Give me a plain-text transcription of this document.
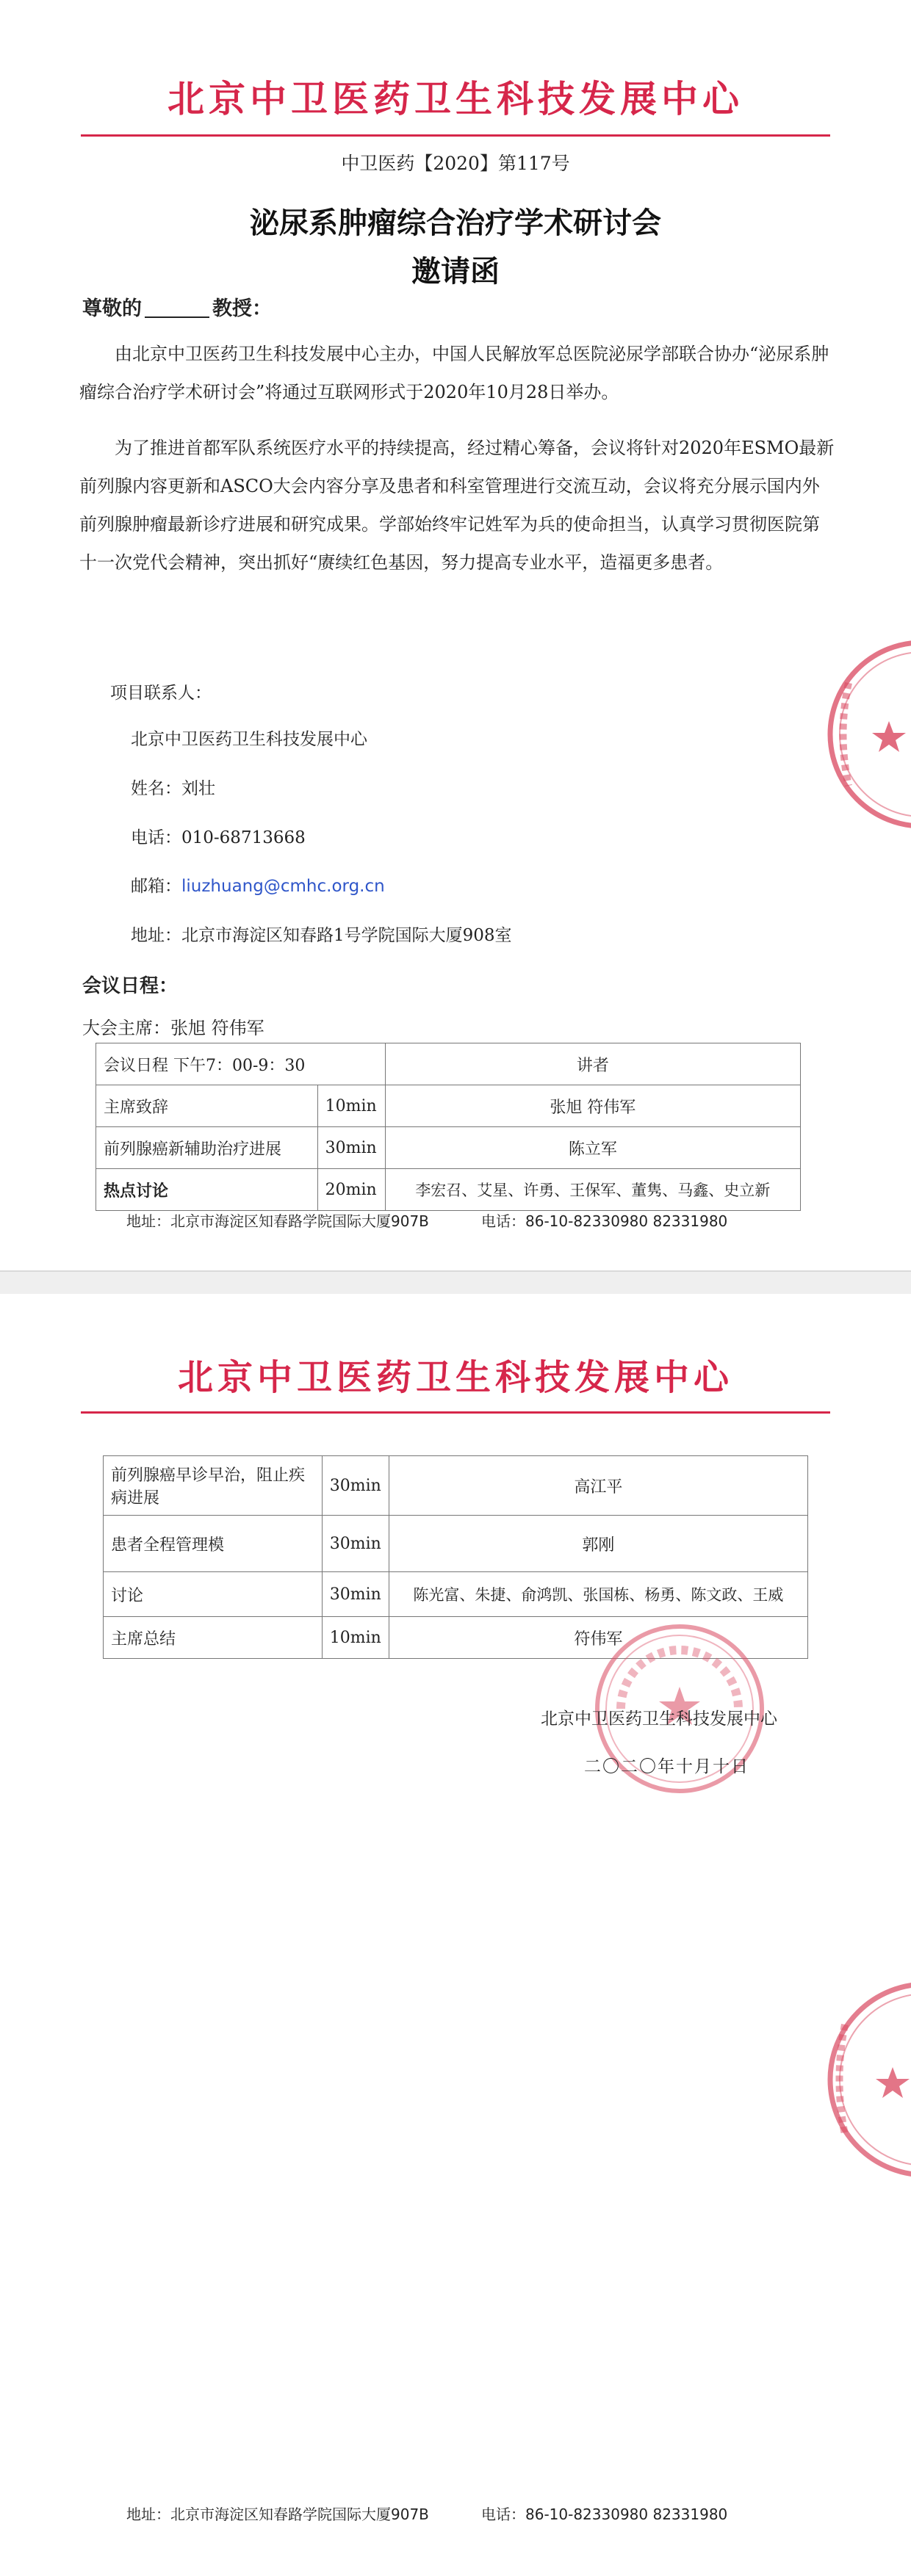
北京中卫医药卫生科技发展中心
中卫医药【2020】第117号
泌尿系肿瘤综合治疗学术研讨会
邀请函
尊敬的	教授：
由北京中卫医药卫生科技发展中心主办，中国人民解放军总医院泌尿学部联合协办“泌尿系肿瘤综合治疗学术研讨会”将通过互联网形式于2020年10月28日举办。
为了推进首都军队系统医疗水平的持续提高，经过精心筹备，会议将针对2020年ESMO最新前列腺内容更新和ASCO大会内容分享及患者和科室管理进行交流互动，会议将充分展示国内外前列腺肿瘤最新诊疗进展和研究成果。学部始终牢记姓军为兵的使命担当，认真学习贯彻医院第十一次党代会精神，突出抓好“赓续红色基因，努力提高专业水平，造福更多患者。
项目联系人：
北京中卫医药卫生科技发展中心
姓名：刘壮
电话：010-68713668
邮箱：liuzhuang@cmhc.org.cn
地址：北京市海淀区知春路1号学院国际大厦908室
会议日程：
大会主席：张旭 符伟军
会议日程 下午7：00-9：30		讲者
主席致辞	10min	张旭 符伟军
前列腺癌新辅助治疗进展	30min	陈立军
热点讨论	20min	李宏召、艾星、许勇、王保军、董隽、马鑫、史立新
地址：北京市海淀区知春路学院国际大厦907B	电话：86-10-82330980 82331980
北京中卫医药卫生科技发展中心
前列腺癌早诊早治，阻止疾病进展	30min	高江平
患者全程管理模	30min	郭刚
讨论	30min	陈光富、朱捷、俞鸿凯、张国栋、杨勇、陈文政、王威
主席总结	10min	符伟军
北京中卫医药卫生科技发展中心
二〇二〇年十月十日
地址：北京市海淀区知春路学院国际大厦907B	电话：86-10-82330980 82331980
